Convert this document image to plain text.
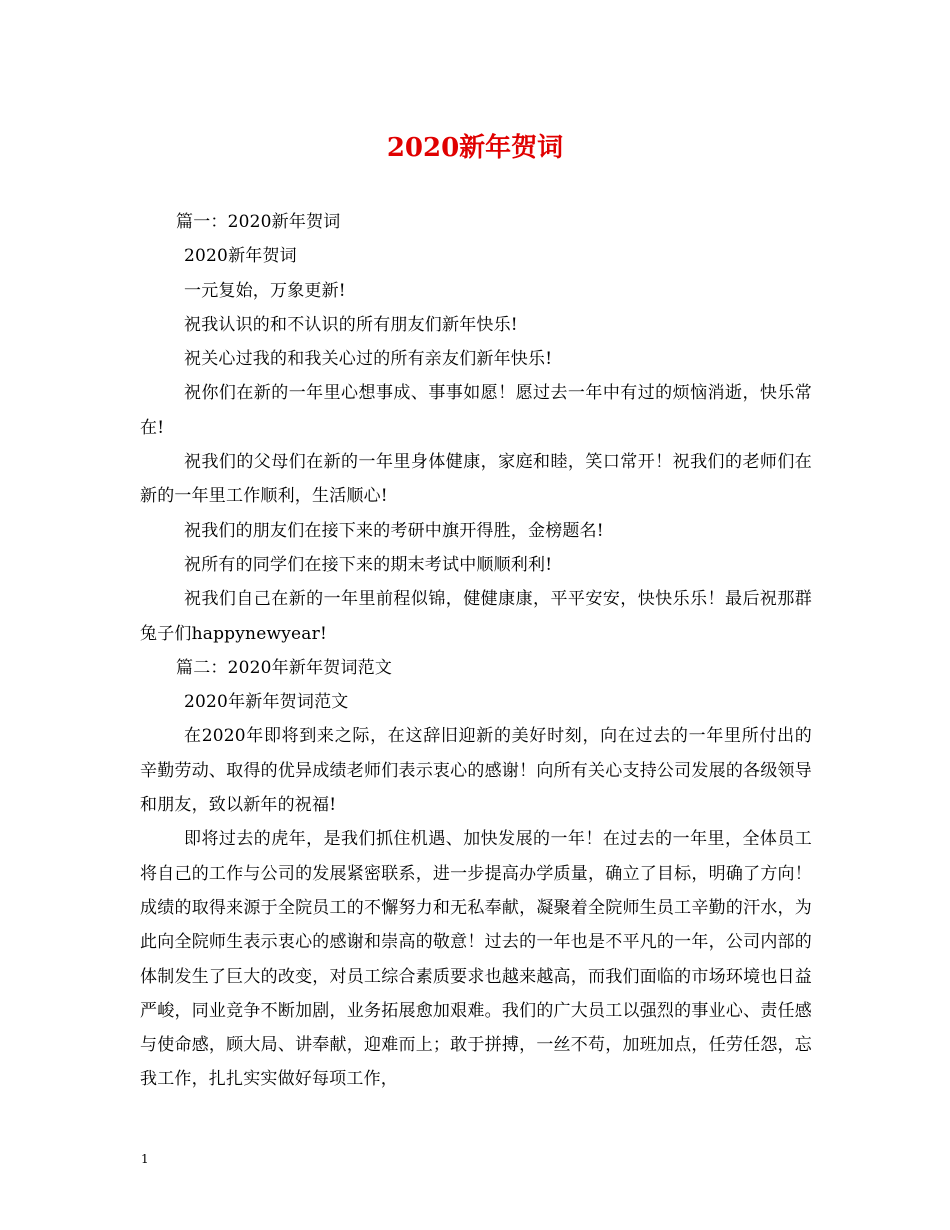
2020新年贺词

篇一：2020新年贺词

2020新年贺词

一元复始，万象更新!

祝我认识的和不认识的所有朋友们新年快乐!

祝关心过我的和我关心过的所有亲友们新年快乐!

祝你们在新的一年里心想事成、事事如愿！愿过去一年中有过的烦恼消逝，快乐常在!

祝我们的父母们在新的一年里身体健康，家庭和睦，笑口常开！祝我们的老师们在新的一年里工作顺利，生活顺心!

祝我们的朋友们在接下来的考研中旗开得胜，金榜题名!

祝所有的同学们在接下来的期末考试中顺顺利利!

祝我们自己在新的一年里前程似锦，健健康康，平平安安，快快乐乐！最后祝那群兔子们happynewyear!

篇二：2020年新年贺词范文

2020年新年贺词范文

在2020年即将到来之际，在这辞旧迎新的美好时刻，向在过去的一年里所付出的辛勤劳动、取得的优异成绩老师们表示衷心的感谢！向所有关心支持公司发展的各级领导和朋友，致以新年的祝福!

即将过去的虎年，是我们抓住机遇、加快发展的一年！在过去的一年里，全体员工将自己的工作与公司的发展紧密联系，进一步提高办学质量，确立了目标，明确了方向！成绩的取得来源于全院员工的不懈努力和无私奉献，凝聚着全院师生员工辛勤的汗水，为此向全院师生表示衷心的感谢和崇高的敬意！过去的一年也是不平凡的一年，公司内部的体制发生了巨大的改变，对员工综合素质要求也越来越高，而我们面临的市场环境也日益严峻，同业竞争不断加剧，业务拓展愈加艰难。我们的广大员工以强烈的事业心、责任感与使命感，顾大局、讲奉献，迎难而上；敢于拼搏，一丝不苟，加班加点，任劳任怨，忘我工作，扎扎实实做好每项工作，

1
